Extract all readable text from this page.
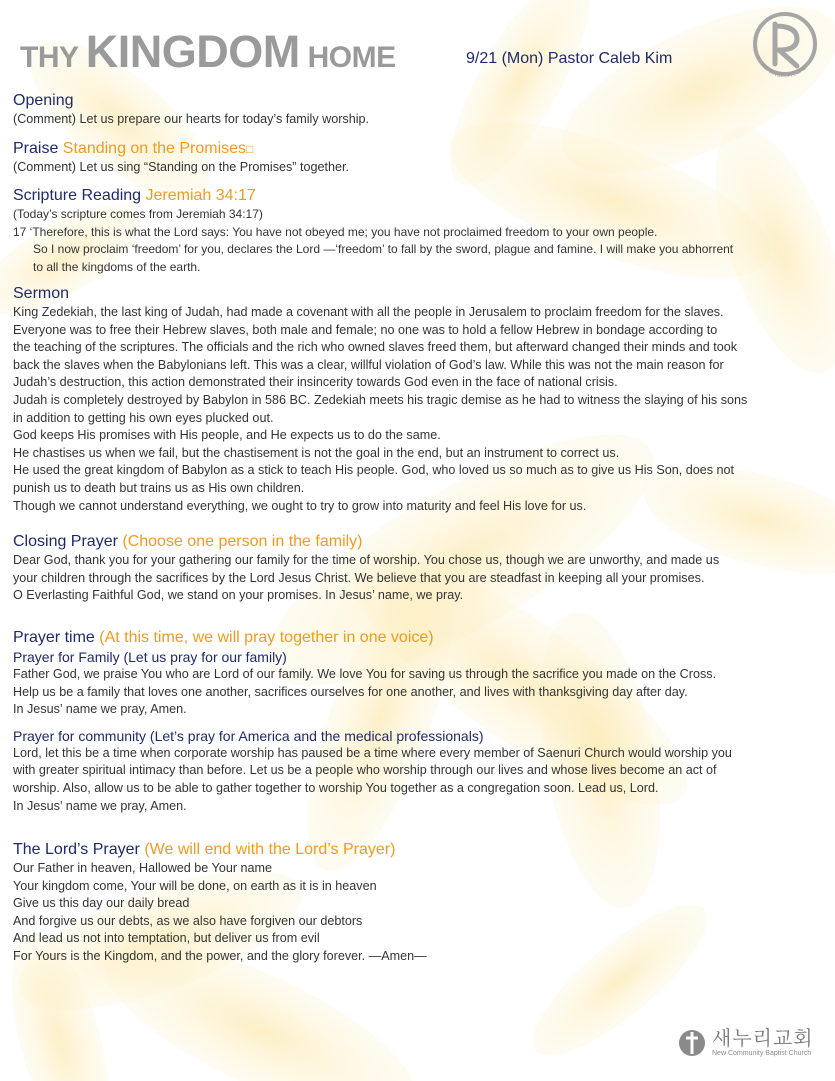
THY KINGDOM HOME	9/21 (Mon) Pastor Caleb Kim	THY KINGDOM COME
Opening
(Comment) Let us prepare our hearts for today’s family worship.
Praise Standing on the Promises□
(Comment) Let us sing “Standing on the Promises” together.
Scripture Reading Jeremiah 34:17
(Today’s scripture comes from Jeremiah 34:17)
17 ‘Therefore, this is what the Lord says: You have not obeyed me; you have not proclaimed freedom to your own people.
So I now proclaim ‘freedom’ for you, declares the Lord —‘freedom’ to fall by the sword, plague and famine. I will make you abhorrent
to all the kingdoms of the earth.
Sermon
King Zedekiah, the last king of Judah, had made a covenant with all the people in Jerusalem to proclaim freedom for the slaves.
Everyone was to free their Hebrew slaves, both male and female; no one was to hold a fellow Hebrew in bondage according to
the teaching of the scriptures. The officials and the rich who owned slaves freed them, but afterward changed their minds and took
back the slaves when the Babylonians left. This was a clear, willful violation of God’s law. While this was not the main reason for
Judah’s destruction, this action demonstrated their insincerity towards God even in the face of national crisis.
Judah is completely destroyed by Babylon in 586 BC. Zedekiah meets his tragic demise as he had to witness the slaying of his sons
in addition to getting his own eyes plucked out.
God keeps His promises with His people, and He expects us to do the same.
He chastises us when we fail, but the chastisement is not the goal in the end, but an instrument to correct us.
He used the great kingdom of Babylon as a stick to teach His people. God, who loved us so much as to give us His Son, does not
punish us to death but trains us as His own children.
Though we cannot understand everything, we ought to try to grow into maturity and feel His love for us.
Closing Prayer (Choose one person in the family)
Dear God, thank you for your gathering our family for the time of worship. You chose us, though we are unworthy, and made us
your children through the sacrifices by the Lord Jesus Christ. We believe that you are steadfast in keeping all your promises.
O Everlasting Faithful God, we stand on your promises. In Jesus’ name, we pray.
Prayer time (At this time, we will pray together in one voice)
Prayer for Family (Let us pray for our family)
Father God, we praise You who are Lord of our family. We love You for saving us through the sacrifice you made on the Cross.
Help us be a family that loves one another, sacrifices ourselves for one another, and lives with thanksgiving day after day.
In Jesus’ name we pray, Amen.
Prayer for community (Let’s pray for America and the medical professionals)
Lord, let this be a time when corporate worship has paused be a time where every member of Saenuri Church would worship you
with greater spiritual intimacy than before. Let us be a people who worship through our lives and whose lives become an act of
worship. Also, allow us to be able to gather together to worship You together as a congregation soon. Lead us, Lord.
In Jesus’ name we pray, Amen.
The Lord’s Prayer (We will end with the Lord’s Prayer)
Our Father in heaven, Hallowed be Your name
Your kingdom come, Your will be done, on earth as it is in heaven
Give us this day our daily bread
And forgive us our debts, as we also have forgiven our debtors
And lead us not into temptation, but deliver us from evil
For Yours is the Kingdom, and the power, and the glory forever. —Amen—
새누리교회
New Community Baptist Church
